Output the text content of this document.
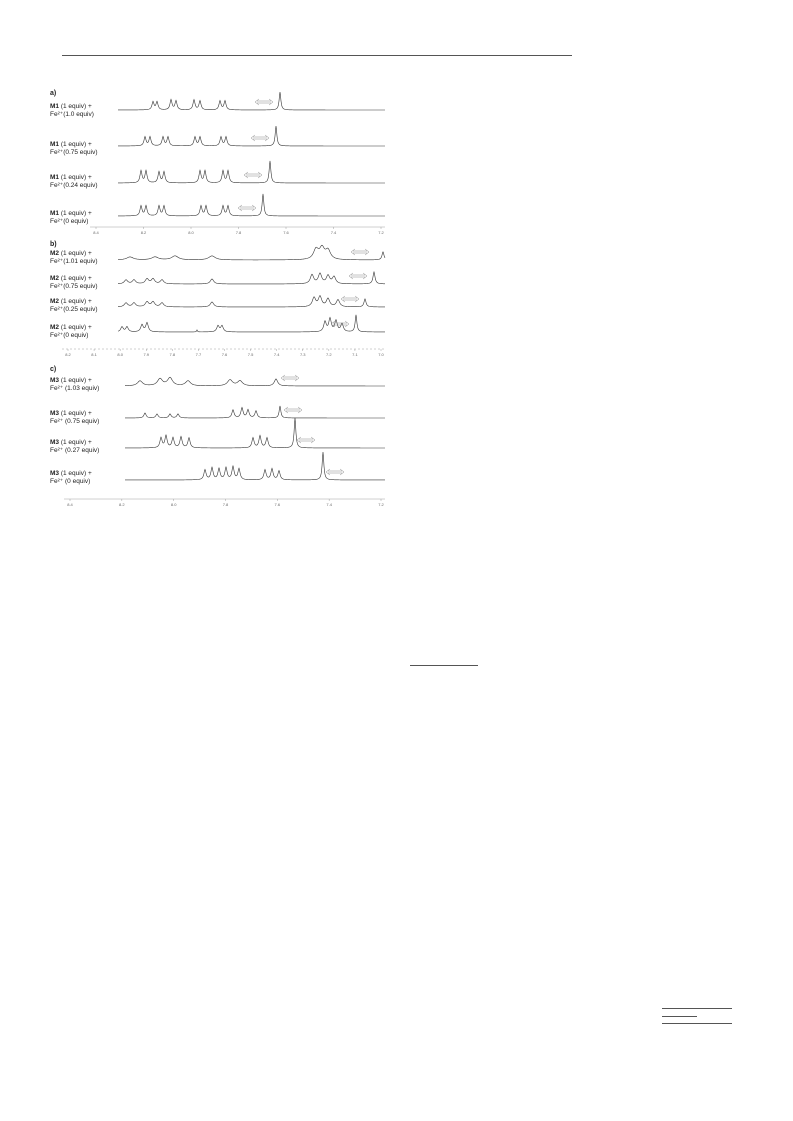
a)
M1 (1 equiv) +
Fe²⁺(1.0 equiv)
M1 (1 equiv) +
Fe²⁺(0.75 equiv)
M1 (1 equiv) +
Fe²⁺(0.24 equiv)
M1 (1 equiv) +
Fe²⁺(0 equiv)
b)
M2 (1 equiv) +
Fe²⁺(1.01 equiv)
M2 (1 equiv) +
Fe²⁺(0.75 equiv)
M2 (1 equiv) +
Fe²⁺(0.25 equiv)
M2 (1 equiv) +
Fe²⁺(0 equiv)
c)
M3 (1 equiv) +
Fe²⁺ (1.03 equiv)
M3 (1 equiv) +
Fe²⁺ (0.75 equiv)
M3 (1 equiv) +
Fe²⁺ (0.27 equiv)
M3 (1 equiv) +
Fe²⁺ (0 equiv)
8.4	8.2	8.0	7.8	7.6	7.4	7.2
8.2	8.1	8.0	7.9	7.8	7.7	7.6	7.5	7.4	7.3	7.2	7.1	7.0
8.4	8.2	8.0	7.8	7.6	7.4	7.2
